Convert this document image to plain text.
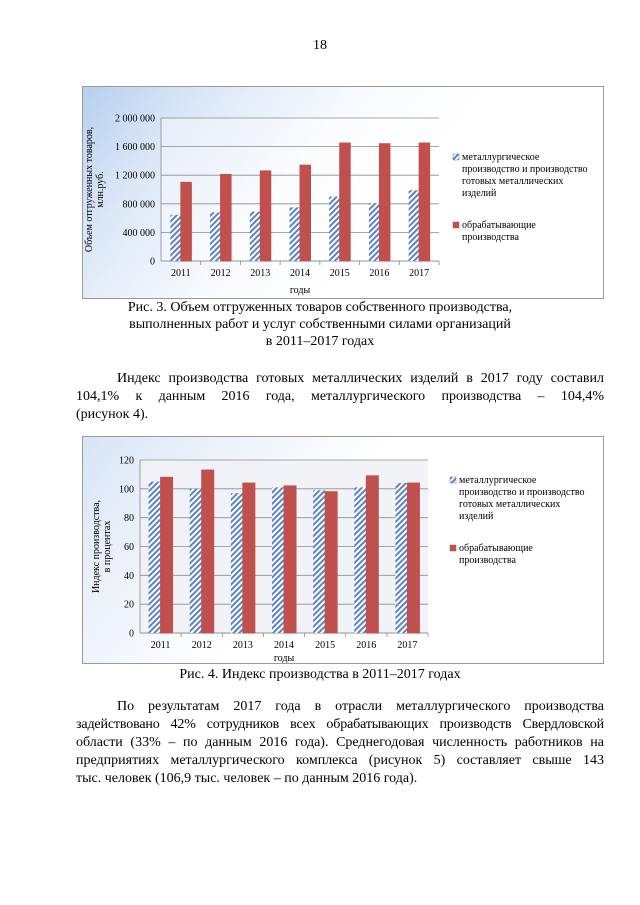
18
0
400 000
800 000
1 200 000
1 600 000
2 000 000
2011 2012 2013 2014 2015 2016 2017
годы
Объем отгруженных товаров,млн.руб.
металлургическое производство и производство готовых металлических изделий
обрабатывающие производства
Рис. 3. Объем отгруженных товаров собственного производства,
выполненных работ и услуг собственными силами организаций
в 2011–2017 годах
Индекс производства готовых металлических изделий в 2017 году составил
104,1% к данным 2016 года, металлургического производства – 104,4%
(рисунок 4).
0
20
40
60
80
100
120
2011 2012 2013 2014 2015 2016 2017
годы
Индекс производства,в процентах
металлургическое производство и производство готовых металлических изделий
обрабатывающие производства
Рис. 4. Индекс производства в 2011–2017 годах
По результатам 2017 года в отрасли металлургического производства
задействовано 42% сотрудников всех обрабатывающих производств Свердловской
области (33% – по данным 2016 года). Среднегодовая численность работников на
предприятиях металлургического комплекса (рисунок 5) составляет свыше 143
тыс. человек (106,9 тыс. человек – по данным 2016 года).
